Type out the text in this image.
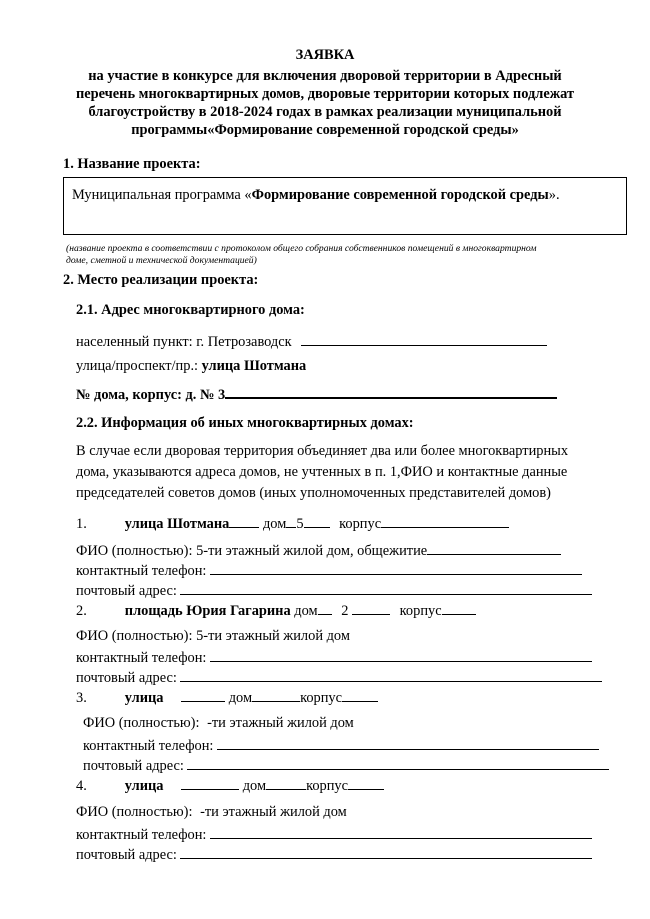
ЗАЯВКА
на участие в конкурсе для включения дворовой территории в Адресный
перечень многоквартирных домов, дворовые территории которых подлежат
благоустройству в 2018-2024 годах в рамках реализации муниципальной
программы«Формирование современной городской среды»
1. Название проекта:
Муниципальная программа «Формирование современной городской среды».
(название проекта в соответствии с протоколом общего собрания собственников помещений в многоквартирном
доме, сметной и технической документацией)
2. Место реализации проекта:
2.1. Адрес многоквартирного дома:
населенный пункт: г. Петрозаводск
улица/проспект/пр.: улица Шотмана
№ дома, корпус: д. № 3
2.2. Информация об иных многоквартирных домах:
В случае если дворовая территория объединяет два или более многоквартирных
дома, указываются адреса домов, не учтенных в п. 1,ФИО и контактные данные
председателей советов домов (иных уполномоченных представителей домов)
1.	улица Шотмана дом 5 корпус
ФИО (полностью): 5-ти этажный жилой дом, общежитие
контактный телефон:
почтовый адрес:
2.	площадь Юрия Гагарина дом 2	корпус
ФИО (полностью): 5-ти этажный жилой дом
контактный телефон:
почтовый адрес:
3.	улица	дом	корпус
ФИО (полностью): -ти этажный жилой дом
контактный телефон:
почтовый адрес:
4.	улица	дом	корпус
ФИО (полностью): -ти этажный жилой дом
контактный телефон:
почтовый адрес:
